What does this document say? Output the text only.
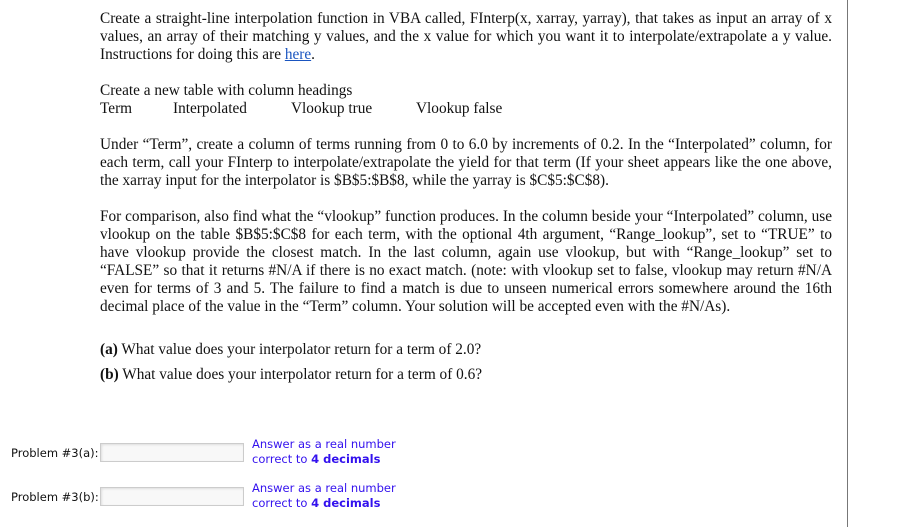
Create a straight-line interpolation function in VBA called, FInterp(x, xarray, yarray), that takes as input an array of x values, an array of their matching y values, and the x value for which you want it to interpolate/extrapolate a y value. Instructions for doing this are here.

Create a new table with column headings

Term	Interpolated	Vlookup true	Vlookup false

Under “Term”, create a column of terms running from 0 to 6.0 by increments of 0.2. In the “Interpolated” column, for each term, call your FInterp to interpolate/extrapolate the yield for that term (If your sheet appears like the one above, the xarray input for the interpolator is $B$5:$B$8, while the yarray is $C$5:$C$8).

For comparison, also find what the “vlookup” function produces. In the column beside your “Interpolated” column, use vlookup on the table $B$5:$C$8 for each term, with the optional 4th argument, “Range_lookup”, set to “TRUE” to have vlookup provide the closest match. In the last column, again use vlookup, but with “Range_lookup” set to “FALSE” so that it returns #N/A if there is no exact match. (note: with vlookup set to false, vlookup may return #N/A even for terms of 3 and 5. The failure to find a match is due to unseen numerical errors somewhere around the 16th decimal place of the value in the “Term” column. Your solution will be accepted even with the #N/As).

(a) What value does your interpolator return for a term of 2.0?

(b) What value does your interpolator return for a term of 0.6?

Problem #3(a):
Answer as a real number
correct to 4 decimals
Problem #3(b):
Answer as a real number
correct to 4 decimals
